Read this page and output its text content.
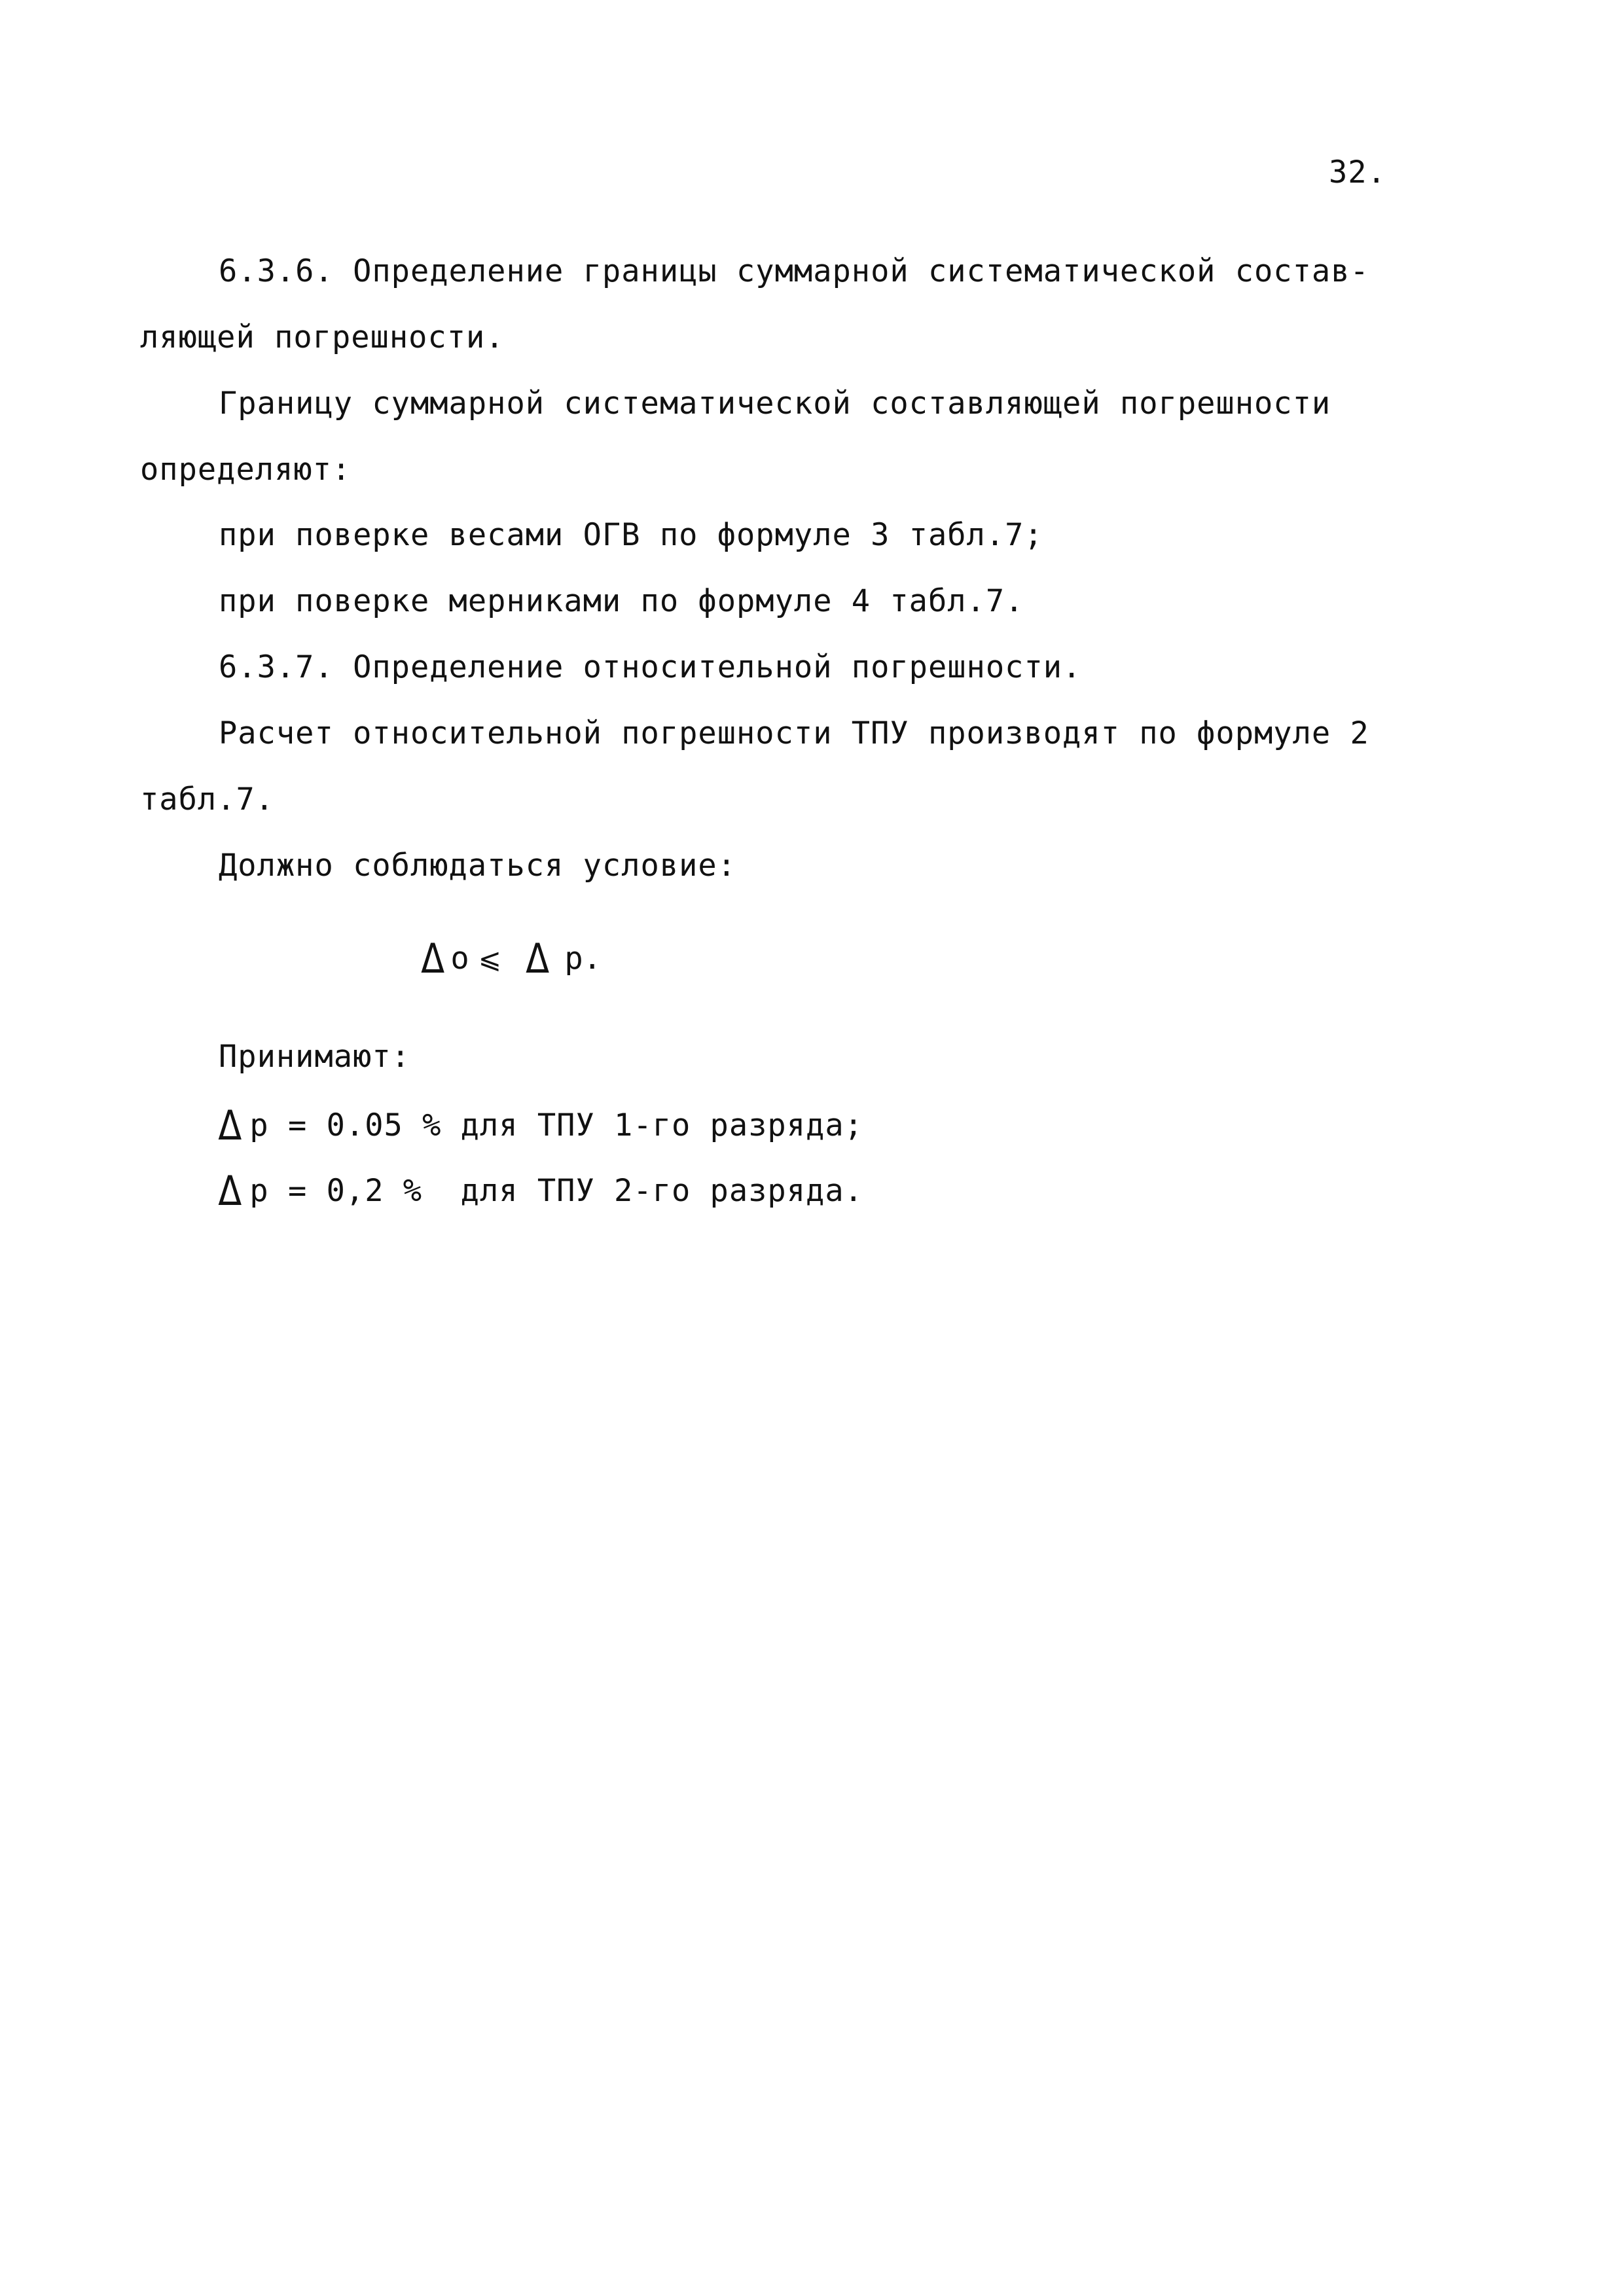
32.
6.3.6. Определение границы суммарной систематической состав-
ляющей погрешности.
Границу суммарной систематической составляющей погрешности
определяют:
при поверке весами ОГВ по формуле 3 табл.7;
при поверке мерниками по формуле 4 табл.7.
6.3.7. Определение относительной погрешности.
Расчет относительной погрешности ТПУ производят по формуле 2
табл.7.
Должно соблюдаться условие:
Δ o ⩽ Δ р.
Принимают:
Δ р = 0.05 % для ТПУ 1-го разряда;
Δ р = 0,2 %  для ТПУ 2-го разряда.
